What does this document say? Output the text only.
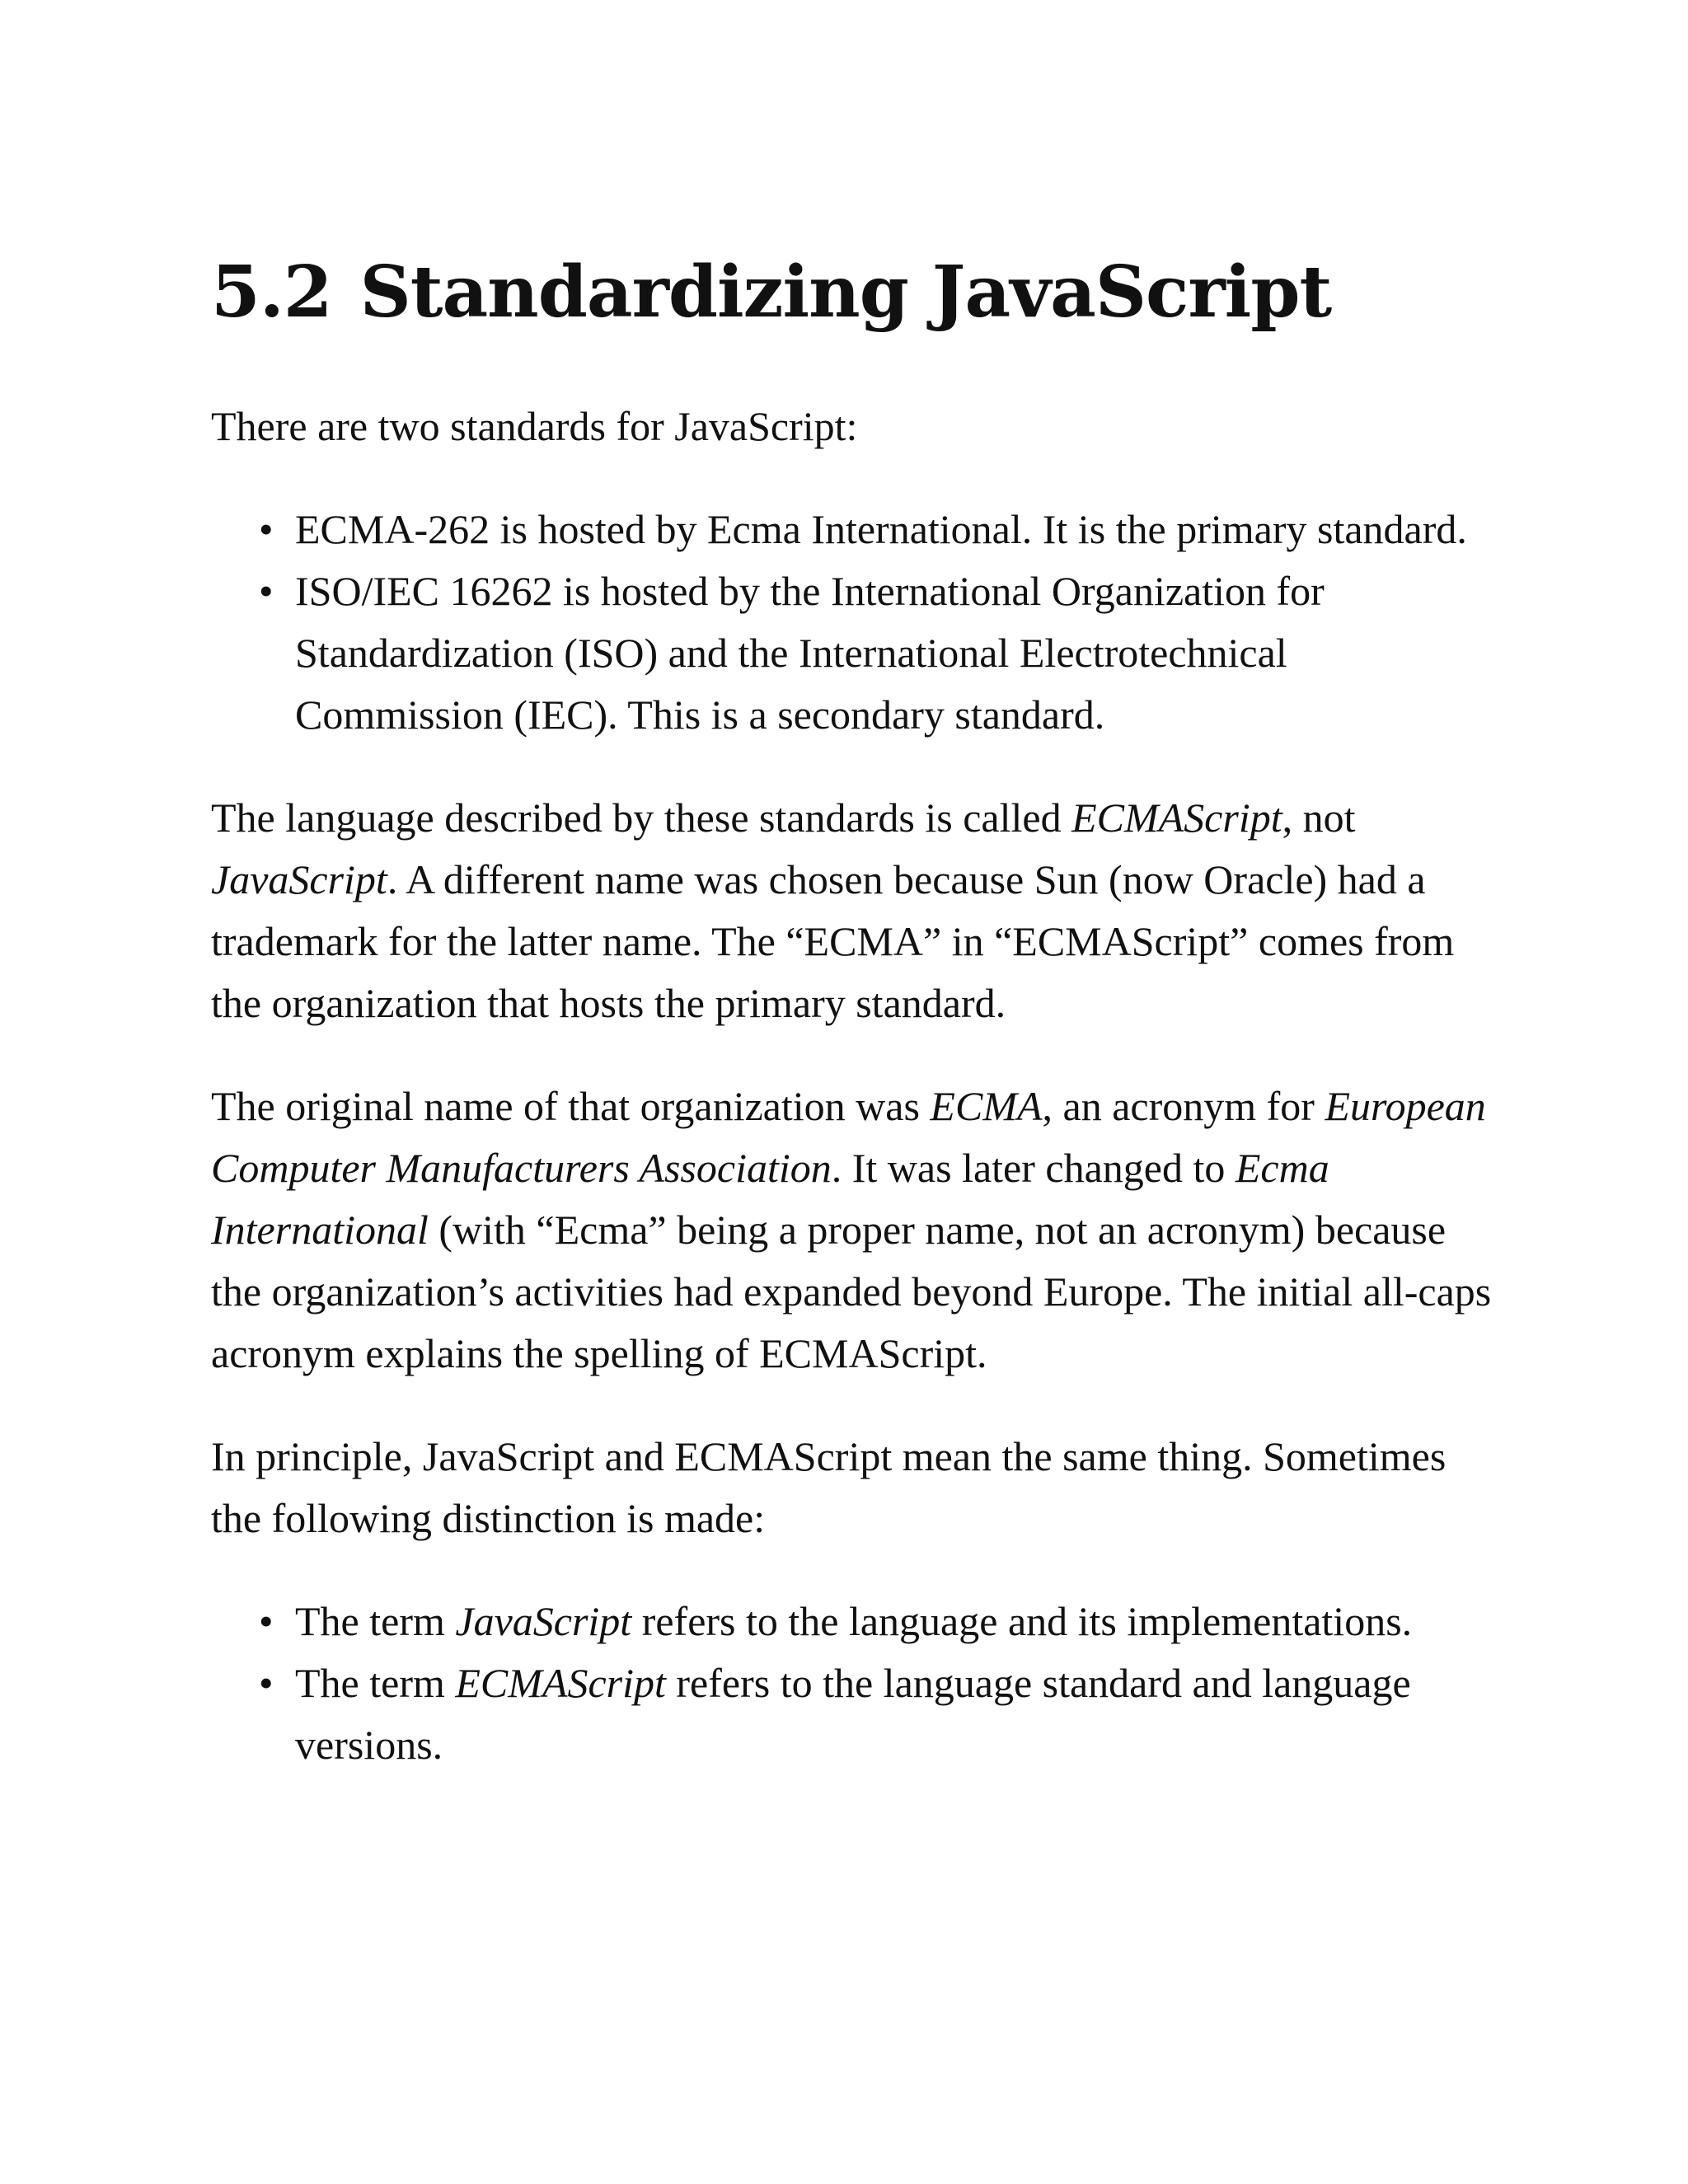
5.2 Standardizing JavaScript

There are two standards for JavaScript:

• ECMA-262 is hosted by Ecma International. It is the primary standard.
• ISO/IEC 16262 is hosted by the International Organization for Standardization (ISO) and the International Electrotechnical Commission (IEC). This is a secondary standard.

The language described by these standards is called ECMAScript, not JavaScript. A different name was chosen because Sun (now Oracle) had a trademark for the latter name. The “ECMA” in “ECMAScript” comes from the organization that hosts the primary standard.

The original name of that organization was ECMA, an acronym for European Computer Manufacturers Association. It was later changed to Ecma International (with “Ecma” being a proper name, not an acronym) because the organization’s activities had expanded beyond Europe. The initial all-caps acronym explains the spelling of ECMAScript.

In principle, JavaScript and ECMAScript mean the same thing. Sometimes the following distinction is made:

• The term JavaScript refers to the language and its implementations.
• The term ECMAScript refers to the language standard and language versions.
